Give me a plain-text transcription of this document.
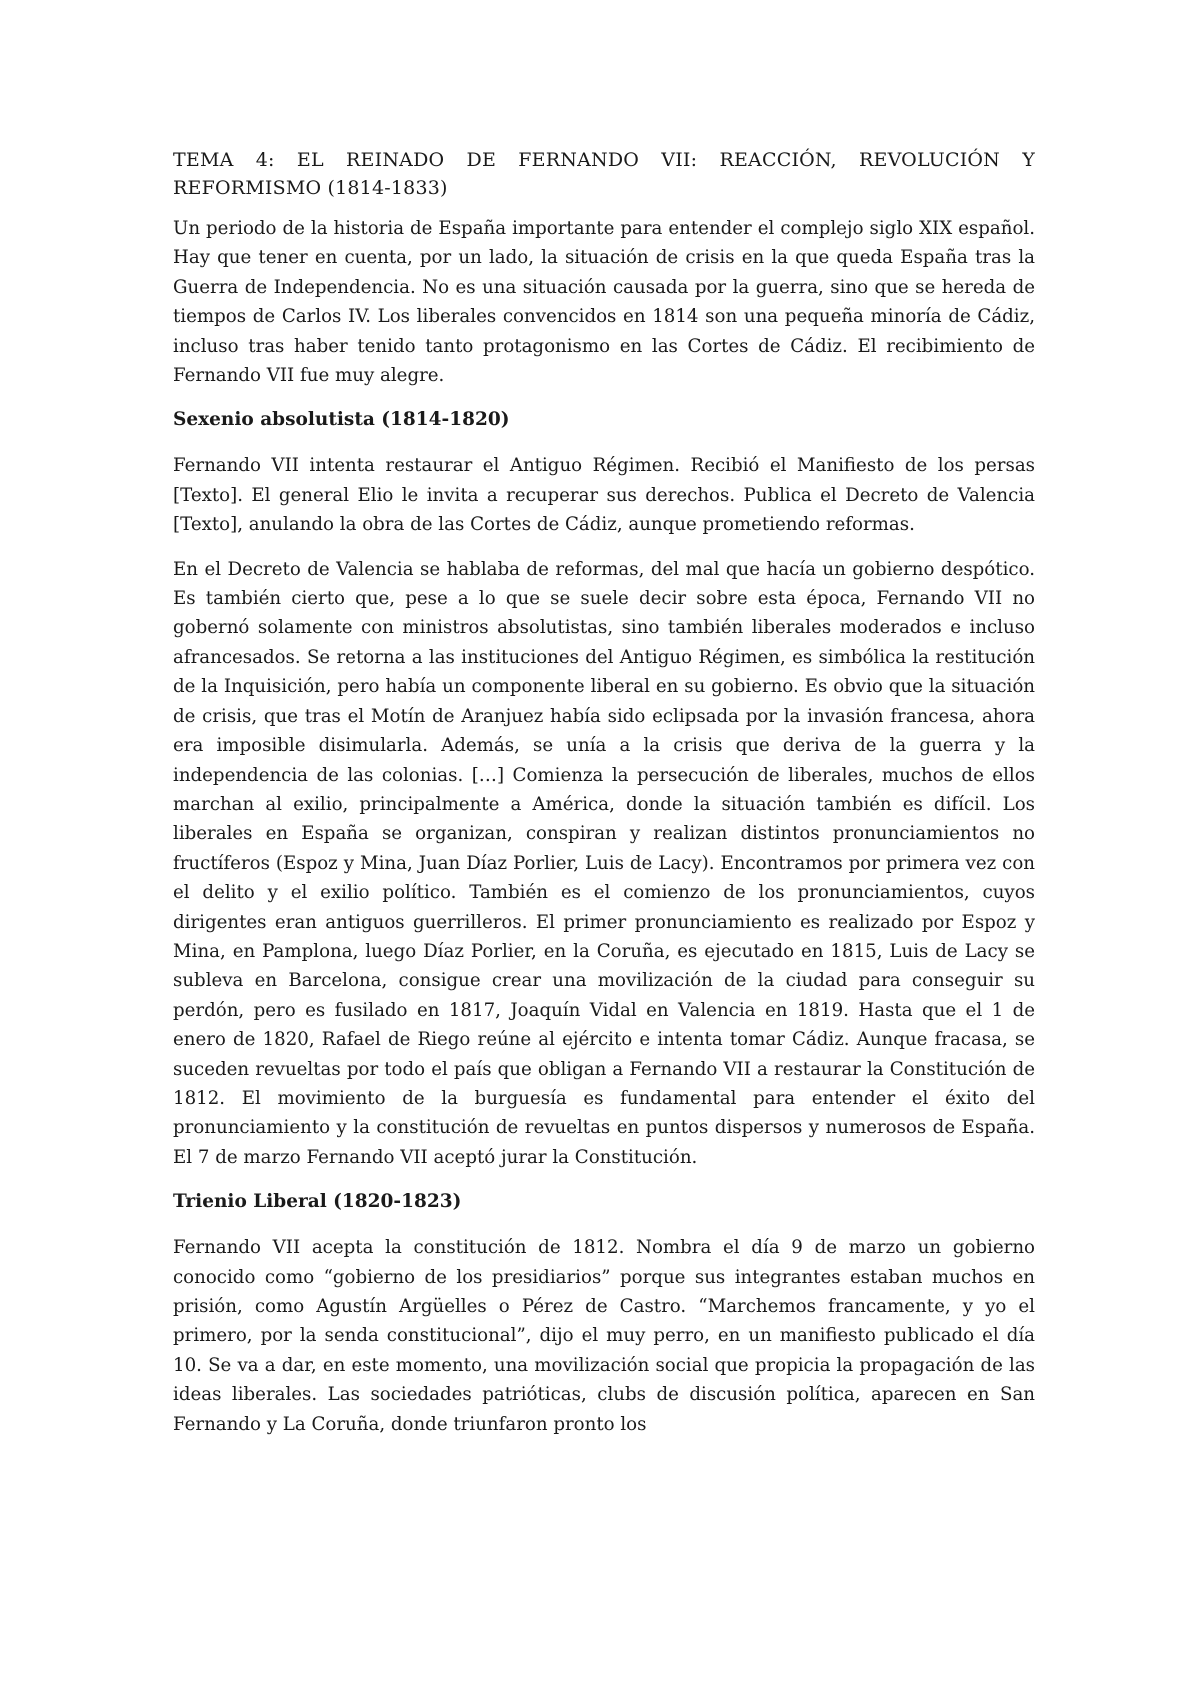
TEMA 4: EL REINADO DE FERNANDO VII: REACCIÓN, REVOLUCIÓN Y REFORMISMO (1814-1833)

Un periodo de la historia de España importante para entender el complejo siglo XIX español. Hay que tener en cuenta, por un lado, la situación de crisis en la que queda España tras la Guerra de Independencia. No es una situación causada por la guerra, sino que se hereda de tiempos de Carlos IV. Los liberales convencidos en 1814 son una pequeña minoría de Cádiz, incluso tras haber tenido tanto protagonismo en las Cortes de Cádiz. El recibimiento de Fernando VII fue muy alegre.

Sexenio absolutista (1814-1820)

Fernando VII intenta restaurar el Antiguo Régimen. Recibió el Manifiesto de los persas [Texto]. El general Elio le invita a recuperar sus derechos. Publica el Decreto de Valencia [Texto], anulando la obra de las Cortes de Cádiz, aunque prometiendo reformas.

En el Decreto de Valencia se hablaba de reformas, del mal que hacía un gobierno despótico. Es también cierto que, pese a lo que se suele decir sobre esta época, Fernando VII no gobernó solamente con ministros absolutistas, sino también liberales moderados e incluso afrancesados. Se retorna a las instituciones del Antiguo Régimen, es simbólica la restitución de la Inquisición, pero había un componente liberal en su gobierno. Es obvio que la situación de crisis, que tras el Motín de Aranjuez había sido eclipsada por la invasión francesa, ahora era imposible disimularla. Además, se unía a la crisis que deriva de la guerra y la independencia de las colonias. […] Comienza la persecución de liberales, muchos de ellos marchan al exilio, principalmente a América, donde la situación también es difícil. Los liberales en España se organizan, conspiran y realizan distintos pronunciamientos no fructíferos (Espoz y Mina, Juan Díaz Porlier, Luis de Lacy). Encontramos por primera vez con el delito y el exilio político. También es el comienzo de los pronunciamientos, cuyos dirigentes eran antiguos guerrilleros. El primer pronunciamiento es realizado por Espoz y Mina, en Pamplona, luego Díaz Porlier, en la Coruña, es ejecutado en 1815, Luis de Lacy se subleva en Barcelona, consigue crear una movilización de la ciudad para conseguir su perdón, pero es fusilado en 1817, Joaquín Vidal en Valencia en 1819. Hasta que el 1 de enero de 1820, Rafael de Riego reúne al ejército e intenta tomar Cádiz. Aunque fracasa, se suceden revueltas por todo el país que obligan a Fernando VII a restaurar la Constitución de 1812. El movimiento de la burguesía es fundamental para entender el éxito del pronunciamiento y la constitución de revueltas en puntos dispersos y numerosos de España. El 7 de marzo Fernando VII aceptó jurar la Constitución.

Trienio Liberal (1820-1823)

Fernando VII acepta la constitución de 1812. Nombra el día 9 de marzo un gobierno conocido como “gobierno de los presidiarios” porque sus integrantes estaban muchos en prisión, como Agustín Argüelles o Pérez de Castro. “Marchemos francamente, y yo el primero, por la senda constitucional”, dijo el muy perro, en un manifiesto publicado el día 10. Se va a dar, en este momento, una movilización social que propicia la propagación de las ideas liberales. Las sociedades patrióticas, clubs de discusión política, aparecen en San Fernando y La Coruña, donde triunfaron pronto los
